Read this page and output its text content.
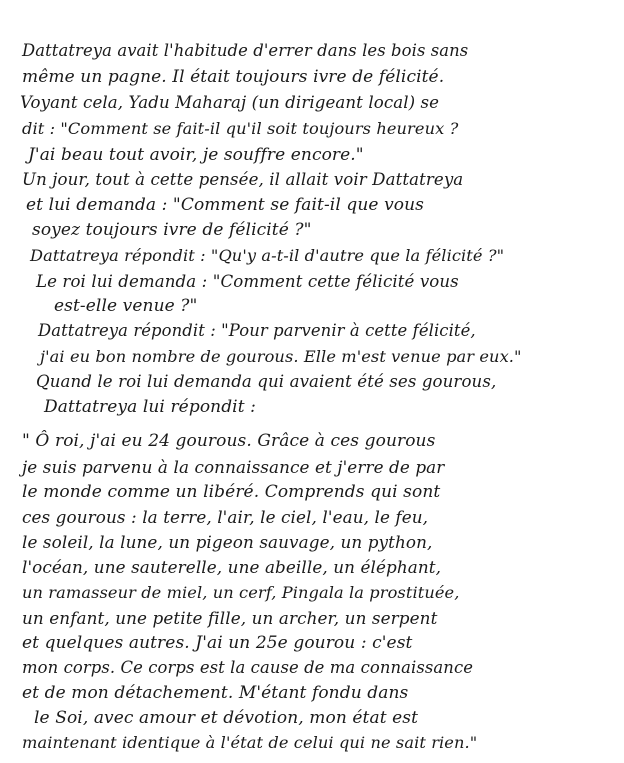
Dattatreya avait l'habitude d'errer dans les bois sans
même un pagne. Il était toujours ivre de félicité.
Voyant cela, Yadu Maharaj (un dirigeant local) se
dit : "Comment se fait-il qu'il soit toujours heureux ?
J'ai beau tout avoir, je souffre encore."
Un jour, tout à cette pensée, il allait voir Dattatreya
et lui demanda : "Comment se fait-il que vous
soyez toujours ivre de félicité ?"
Dattatreya répondit : "Qu'y a-t-il d'autre que la félicité ?"
Le roi lui demanda : "Comment cette félicité vous
est-elle venue ?"
Dattatreya répondit : "Pour parvenir à cette félicité,
j'ai eu bon nombre de gourous. Elle m'est venue par eux."
Quand le roi lui demanda qui avaient été ses gourous,
Dattatreya lui répondit :
" Ô roi, j'ai eu 24 gourous. Grâce à ces gourous
je suis parvenu à la connaissance et j'erre de par
le monde comme un libéré. Comprends qui sont
ces gourous : la terre, l'air, le ciel, l'eau, le feu,
le soleil, la lune, un pigeon sauvage, un python,
l'océan, une sauterelle, une abeille, un éléphant,
un ramasseur de miel, un cerf, Pingala la prostituée,
un enfant, une petite fille, un archer, un serpent
et quelques autres. J'ai un 25e gourou : c'est
mon corps. Ce corps est la cause de ma connaissance
et de mon détachement. M'étant fondu dans
le Soi, avec amour et dévotion, mon état est
maintenant identique à l'état de celui qui ne sait rien."
